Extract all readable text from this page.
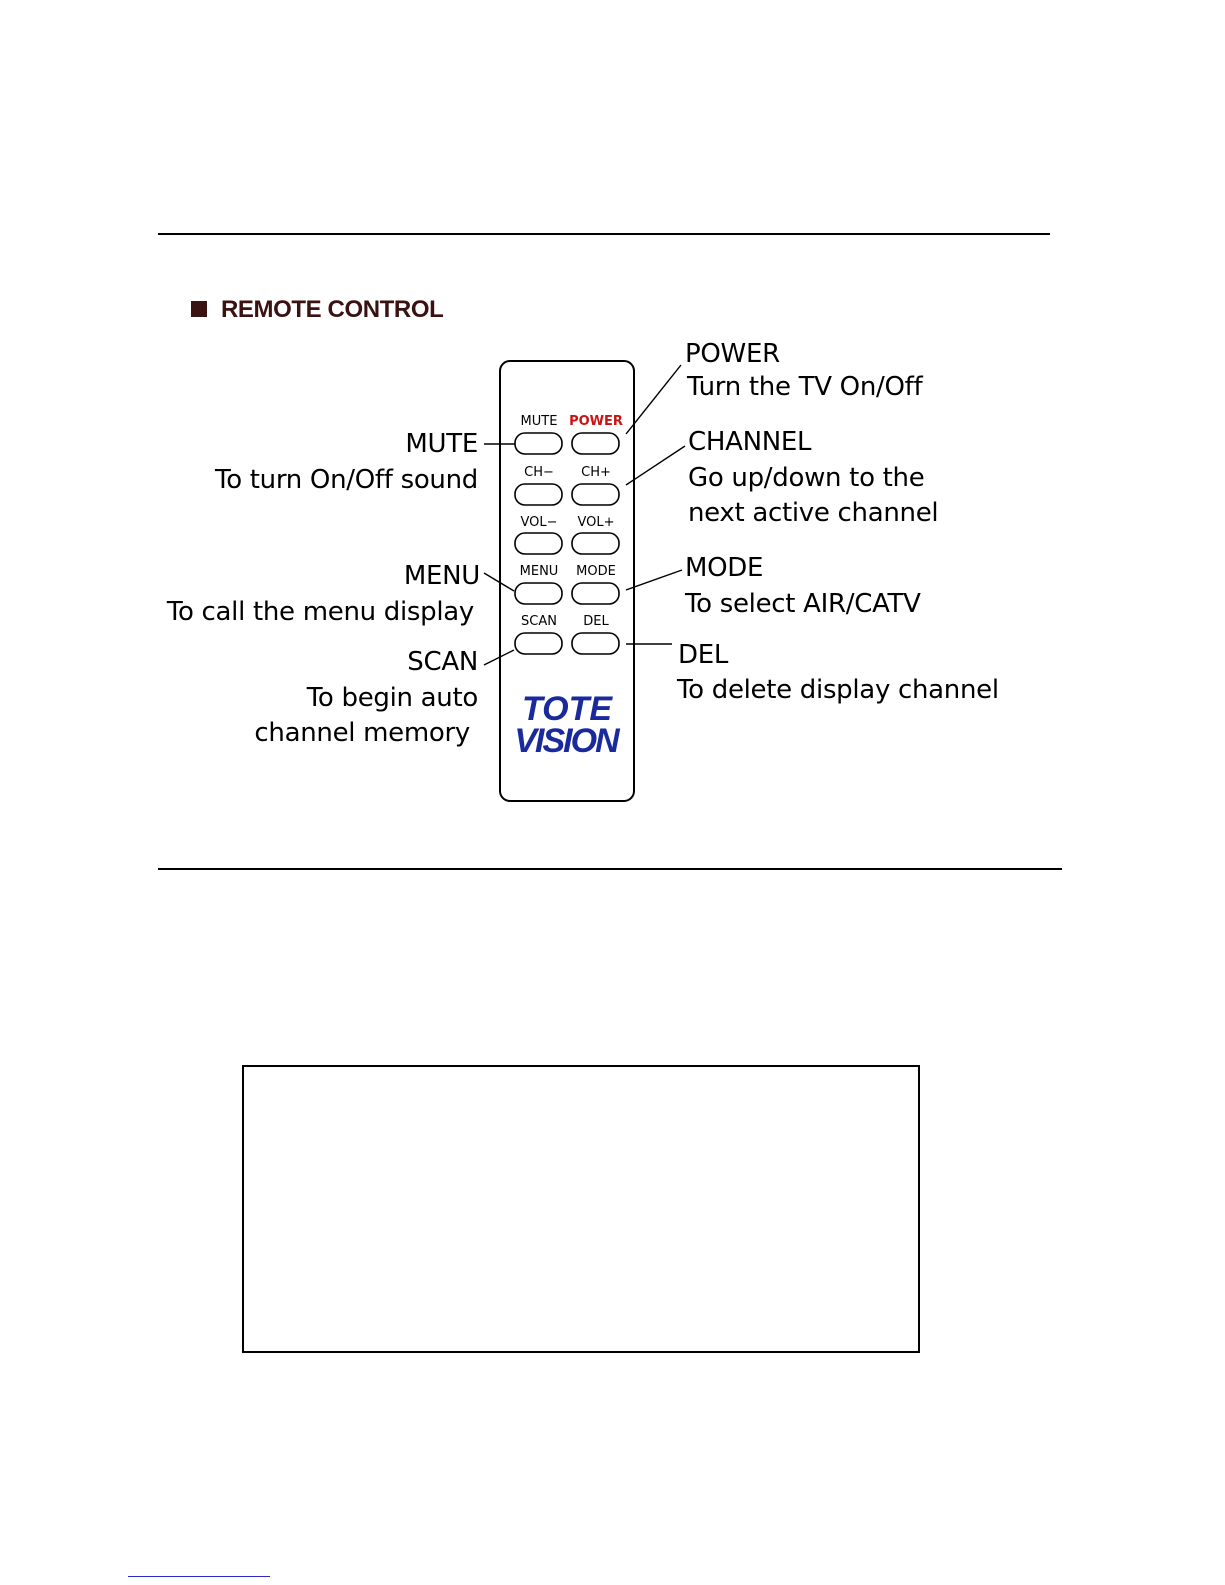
REMOTE CONTROL
MUTE POWER
CH− CH+
VOL− VOL+
MENU MODE
SCAN DEL
TOTE
VISION
POWER
Turn the TV On/Off
CHANNEL
Go up/down to the
next active channel
MODE
To select AIR/CATV
DEL
To delete display channel
MUTE
To turn On/Off sound
MENU
To call the menu display
SCAN
To begin auto
channel memory
